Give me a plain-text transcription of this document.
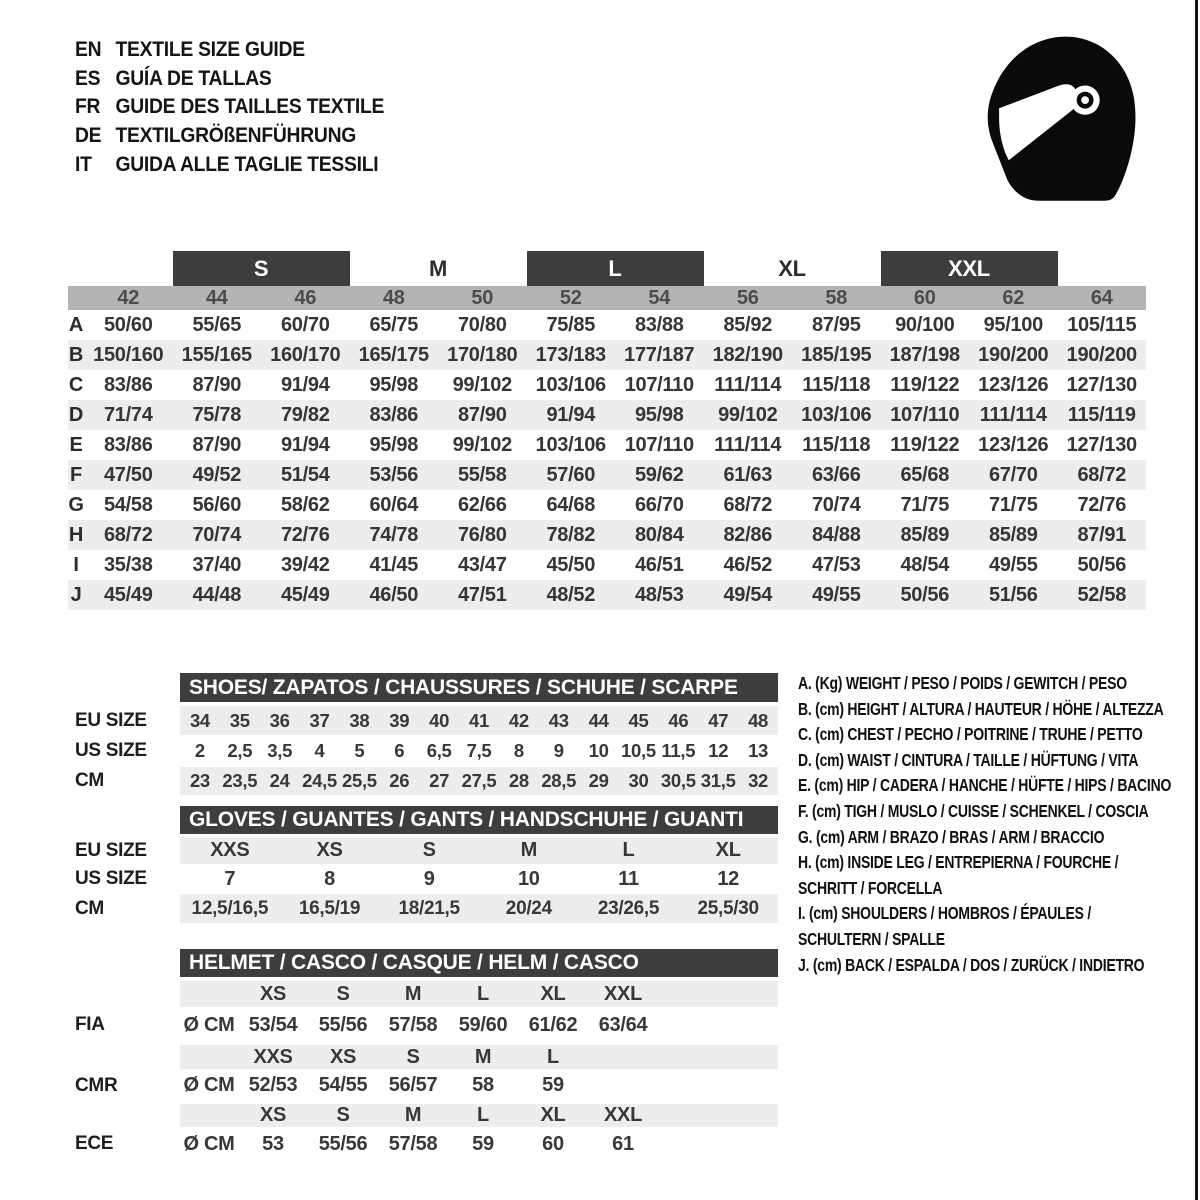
EN TEXTILE SIZE GUIDE
ES GUÍA DE TALLAS
FR GUIDE DES TAILLES TEXTILE
DE TEXTILGRÖßENFÜHRUNG
IT	GUIDA ALLE TAGLIE TESSILI
S	M	L	XL	XXL
42	44	46	48	50	52	54	56	58	60	62	64
A	50/60	55/65	60/70	65/75	70/80	75/85	83/88	85/92	87/95	90/100	95/100	105/115
B 150/160 155/165 160/170 165/175 170/180 173/183 177/187 182/190 185/195 187/198 190/200 190/200
C	83/86	87/90	91/94	95/98	99/102	103/106 107/110	111/114	115/118 119/122 123/126 127/130
D	71/74	75/78	79/82	83/86	87/90	91/94	95/98	99/102	103/106 107/110	111/114	115/119
E	83/86	87/90	91/94	95/98	99/102	103/106 107/110	111/114	115/118 119/122 123/126 127/130
F	47/50	49/52	51/54	53/56	55/58	57/60	59/62	61/63	63/66	65/68	67/70	68/72
G	54/58	56/60	58/62	60/64	62/66	64/68	66/70	68/72	70/74	71/75	71/75	72/76
H	68/72	70/74	72/76	74/78	76/80	78/82	80/84	82/86	84/88	85/89	85/89	87/91
I	35/38	37/40	39/42	41/45	43/47	45/50	46/51	46/52	47/53	48/54	49/55	50/56
J	45/49	44/48	45/49	46/50	47/51	48/52	48/53	49/54	49/55	50/56	51/56	52/58
SHOES/ ZAPATOS / CHAUSSURES / SCHUHE / SCARPE
EU SIZE	34	35	36	37	38	39	40	41	42	43	44	45	46	47	48
US SIZE	2	2,5 3,5	4	5	6	6,5 7,5	8	9	10 10,5 11,5 12	13
CM	23 23,5 24 24,5 25,5 26	27 27,5 28 28,5 29	30 30,5 31,5 32
GLOVES / GUANTES / GANTS / HANDSCHUHE / GUANTI
EU SIZE	XXS	XS	S	M	L	XL
US SIZE	7	8	9	10	11	12
CM	12,5/16,5	16,5/19	18/21,5	20/24	23/26,5	25,5/30
HELMET / CASCO / CASQUE / HELM / CASCO
XS	S	M	L	XL	XXL
FIA	Ø CM 53/54	55/56	57/58	59/60	61/62	63/64
XXS	XS	S	M	L
CMR	Ø CM 52/53	54/55	56/57	58	59
XS	S	M	L	XL	XXL
ECE	Ø CM	53	55/56	57/58	59	60	61
A. (Kg) WEIGHT / PESO / POIDS / GEWITCH / PESO
B. (cm) HEIGHT / ALTURA / HAUTEUR / HÖHE / ALTEZZA
C. (cm) CHEST / PECHO / POITRINE / TRUHE / PETTO
D. (cm) WAIST / CINTURA / TAILLE / HÜFTUNG / VITA
E. (cm) HIP / CADERA / HANCHE / HÜFTE / HIPS / BACINO
F. (cm) TIGH / MUSLO / CUISSE / SCHENKEL / COSCIA
G. (cm) ARM / BRAZO / BRAS / ARM / BRACCIO
H. (cm) INSIDE LEG / ENTREPIERNA / FOURCHE /
SCHRITT / FORCELLA
I. (cm) SHOULDERS / HOMBROS / ÉPAULES /
SCHULTERN / SPALLE
J. (cm) BACK / ESPALDA / DOS / ZURÜCK / INDIETRO
